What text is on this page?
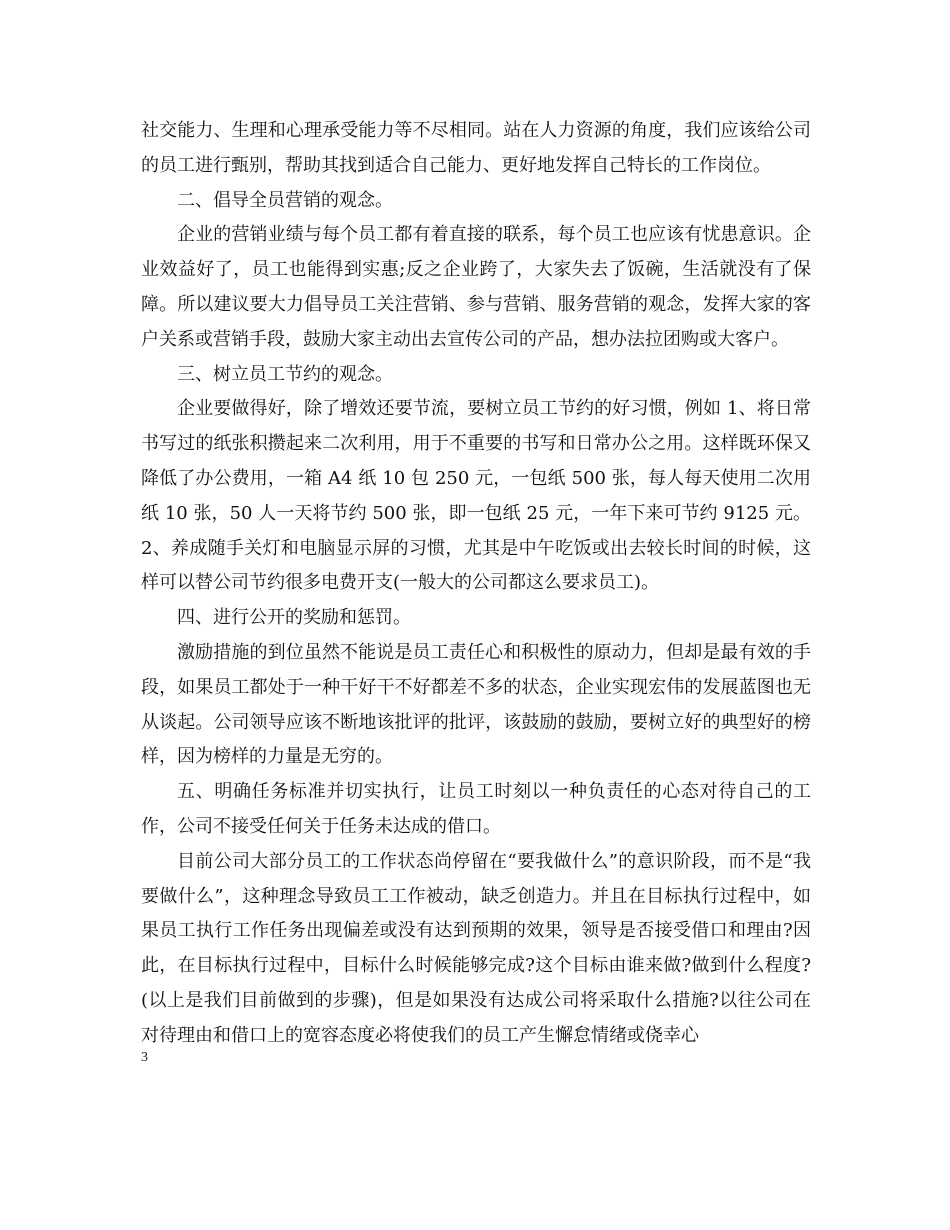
社交能力、生理和心理承受能力等不尽相同。站在人力资源的角度，我们应该给公司的员工进行甄别，帮助其找到适合自己能力、更好地发挥自己特长的工作岗位。

二、倡导全员营销的观念。

企业的营销业绩与每个员工都有着直接的联系，每个员工也应该有忧患意识。企业效益好了，员工也能得到实惠;反之企业跨了，大家失去了饭碗，生活就没有了保障。所以建议要大力倡导员工关注营销、参与营销、服务营销的观念，发挥大家的客户关系或营销手段，鼓励大家主动出去宣传公司的产品，想办法拉团购或大客户。

三、树立员工节约的观念。

企业要做得好，除了增效还要节流，要树立员工节约的好习惯，例如 1、将日常书写过的纸张积攒起来二次利用，用于不重要的书写和日常办公之用。这样既环保又降低了办公费用，一箱 A4 纸 10 包 250 元，一包纸 500 张，每人每天使用二次用纸 10 张，50 人一天将节约 500 张，即一包纸 25 元，一年下来可节约 9125 元。2、养成随手关灯和电脑显示屏的习惯，尤其是中午吃饭或出去较长时间的时候，这样可以替公司节约很多电费开支(一般大的公司都这么要求员工)。

四、进行公开的奖励和惩罚。

激励措施的到位虽然不能说是员工责任心和积极性的原动力，但却是最有效的手段，如果员工都处于一种干好干不好都差不多的状态，企业实现宏伟的发展蓝图也无从谈起。公司领导应该不断地该批评的批评，该鼓励的鼓励，要树立好的典型好的榜样，因为榜样的力量是无穷的。

五、明确任务标准并切实执行，让员工时刻以一种负责任的心态对待自己的工作，公司不接受任何关于任务未达成的借口。

目前公司大部分员工的工作状态尚停留在“要我做什么”的意识阶段，而不是“我要做什么”，这种理念导致员工工作被动，缺乏创造力。并且在目标执行过程中，如果员工执行工作任务出现偏差或没有达到预期的效果，领导是否接受借口和理由?因此，在目标执行过程中，目标什么时候能够完成?这个目标由谁来做?做到什么程度?(以上是我们目前做到的步骤)，但是如果没有达成公司将采取什么措施?以往公司在对待理由和借口上的宽容态度必将使我们的员工产生懈怠情绪或侥幸心

3
